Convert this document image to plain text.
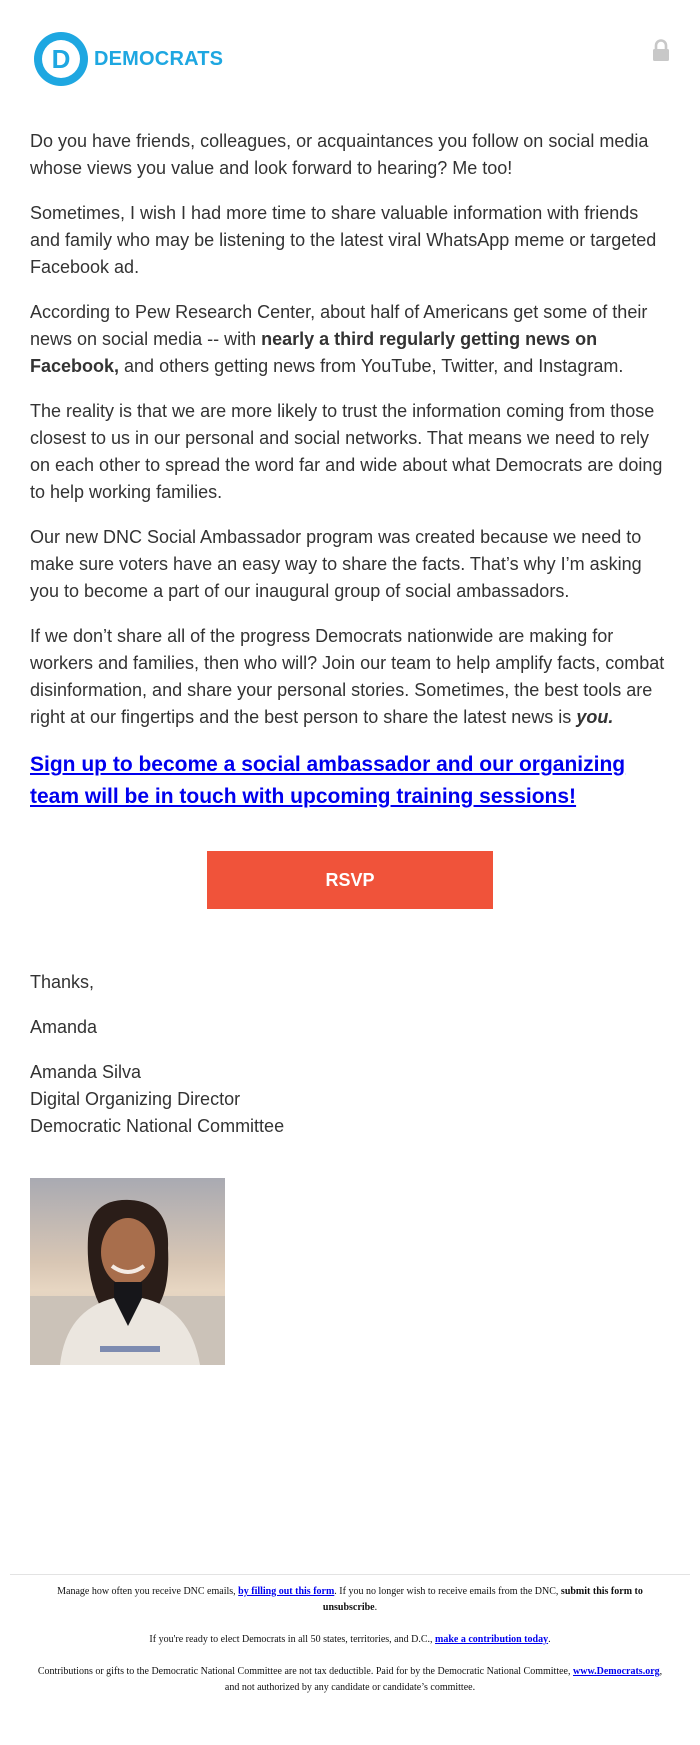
D DEMOCRATS

Do you have friends, colleagues, or acquaintances you follow on social media whose views you value and look forward to hearing? Me too!

Sometimes, I wish I had more time to share valuable information with friends and family who may be listening to the latest viral WhatsApp meme or targeted Facebook ad.

According to Pew Research Center, about half of Americans get some of their news on social media -- with nearly a third regularly getting news on Facebook, and others getting news from YouTube, Twitter, and Instagram.

The reality is that we are more likely to trust the information coming from those closest to us in our personal and social networks. That means we need to rely on each other to spread the word far and wide about what Democrats are doing to help working families.

Our new DNC Social Ambassador program was created because we need to make sure voters have an easy way to share the facts. That’s why I’m asking you to become a part of our inaugural group of social ambassadors.

If we don’t share all of the progress Democrats nationwide are making for workers and families, then who will? Join our team to help amplify facts, combat disinformation, and share your personal stories. Sometimes, the best tools are right at our fingertips and the best person to share the latest news is you.

Sign up to become a social ambassador and our organizing team will be in touch with upcoming training sessions!
RSVP

Thanks,

Amanda

Amanda Silva
Digital Organizing Director
Democratic National Committee

Manage how often you receive DNC emails, by filling out this form. If you no longer wish to receive emails from the DNC, submit this form to unsubscribe.

If you're ready to elect Democrats in all 50 states, territories, and D.C., make a contribution today.

Contributions or gifts to the Democratic National Committee are not tax deductible. Paid for by the Democratic National Committee, www.Democrats.org, and not authorized by any candidate or candidate’s committee.
